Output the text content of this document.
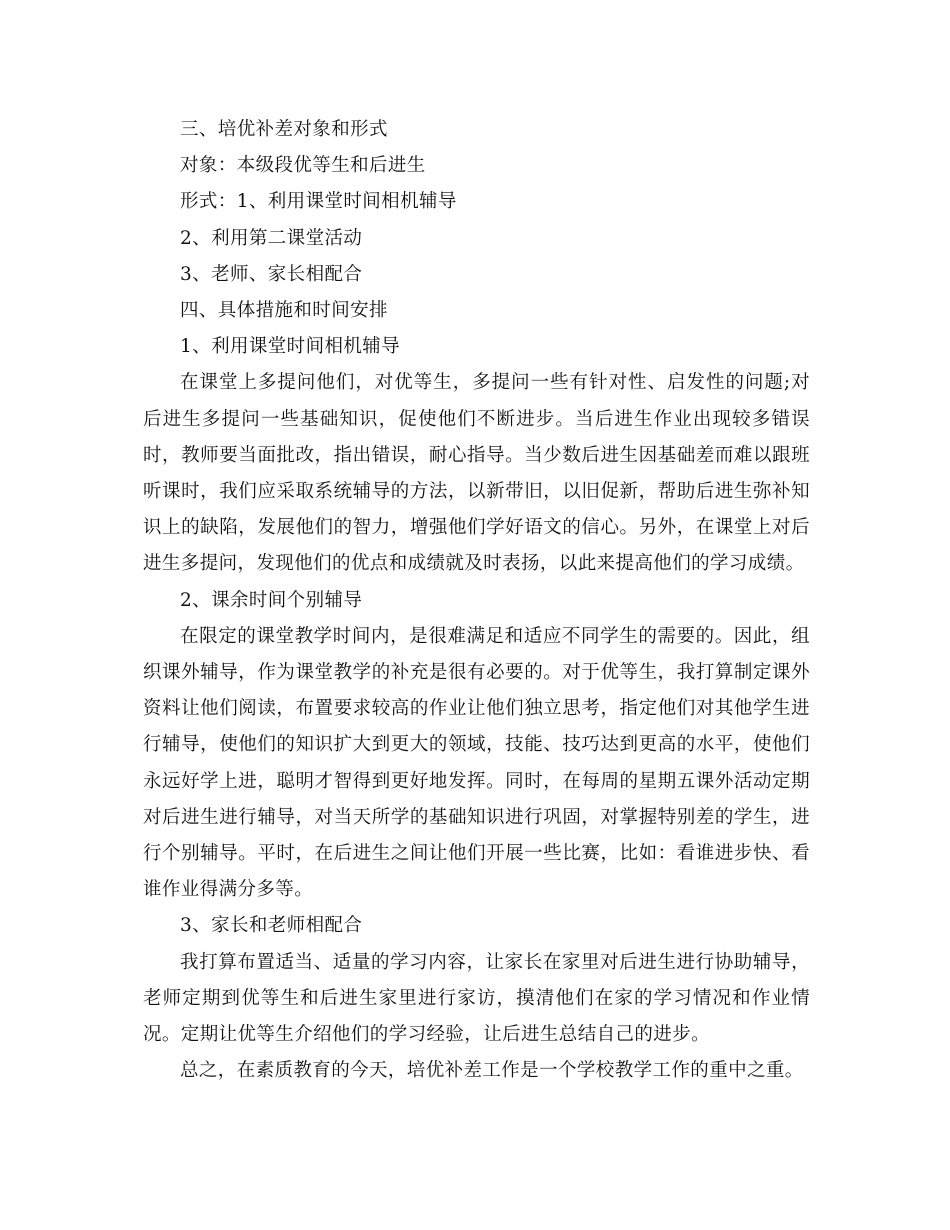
三、培优补差对象和形式

对象：本级段优等生和后进生

形式：1、利用课堂时间相机辅导

2、利用第二课堂活动

3、老师、家长相配合

四、具体措施和时间安排

1、利用课堂时间相机辅导

在课堂上多提问他们，对优等生，多提问一些有针对性、启发性的问题;对后进生多提问一些基础知识，促使他们不断进步。当后进生作业出现较多错误时，教师要当面批改，指出错误，耐心指导。当少数后进生因基础差而难以跟班听课时，我们应采取系统辅导的方法，以新带旧，以旧促新，帮助后进生弥补知识上的缺陷，发展他们的智力，增强他们学好语文的信心。另外，在课堂上对后进生多提问，发现他们的优点和成绩就及时表扬，以此来提高他们的学习成绩。

2、课余时间个别辅导

在限定的课堂教学时间内，是很难满足和适应不同学生的需要的。因此，组织课外辅导，作为课堂教学的补充是很有必要的。对于优等生，我打算制定课外资料让他们阅读，布置要求较高的作业让他们独立思考，指定他们对其他学生进行辅导，使他们的知识扩大到更大的领域，技能、技巧达到更高的水平，使他们永远好学上进，聪明才智得到更好地发挥。同时，在每周的星期五课外活动定期对后进生进行辅导，对当天所学的基础知识进行巩固，对掌握特别差的学生，进行个别辅导。平时，在后进生之间让他们开展一些比赛，比如：看谁进步快、看谁作业得满分多等。

3、家长和老师相配合

我打算布置适当、适量的学习内容，让家长在家里对后进生进行协助辅导，老师定期到优等生和后进生家里进行家访，摸清他们在家的学习情况和作业情况。定期让优等生介绍他们的学习经验，让后进生总结自己的进步。

总之，在素质教育的今天，培优补差工作是一个学校教学工作的重中之重。
